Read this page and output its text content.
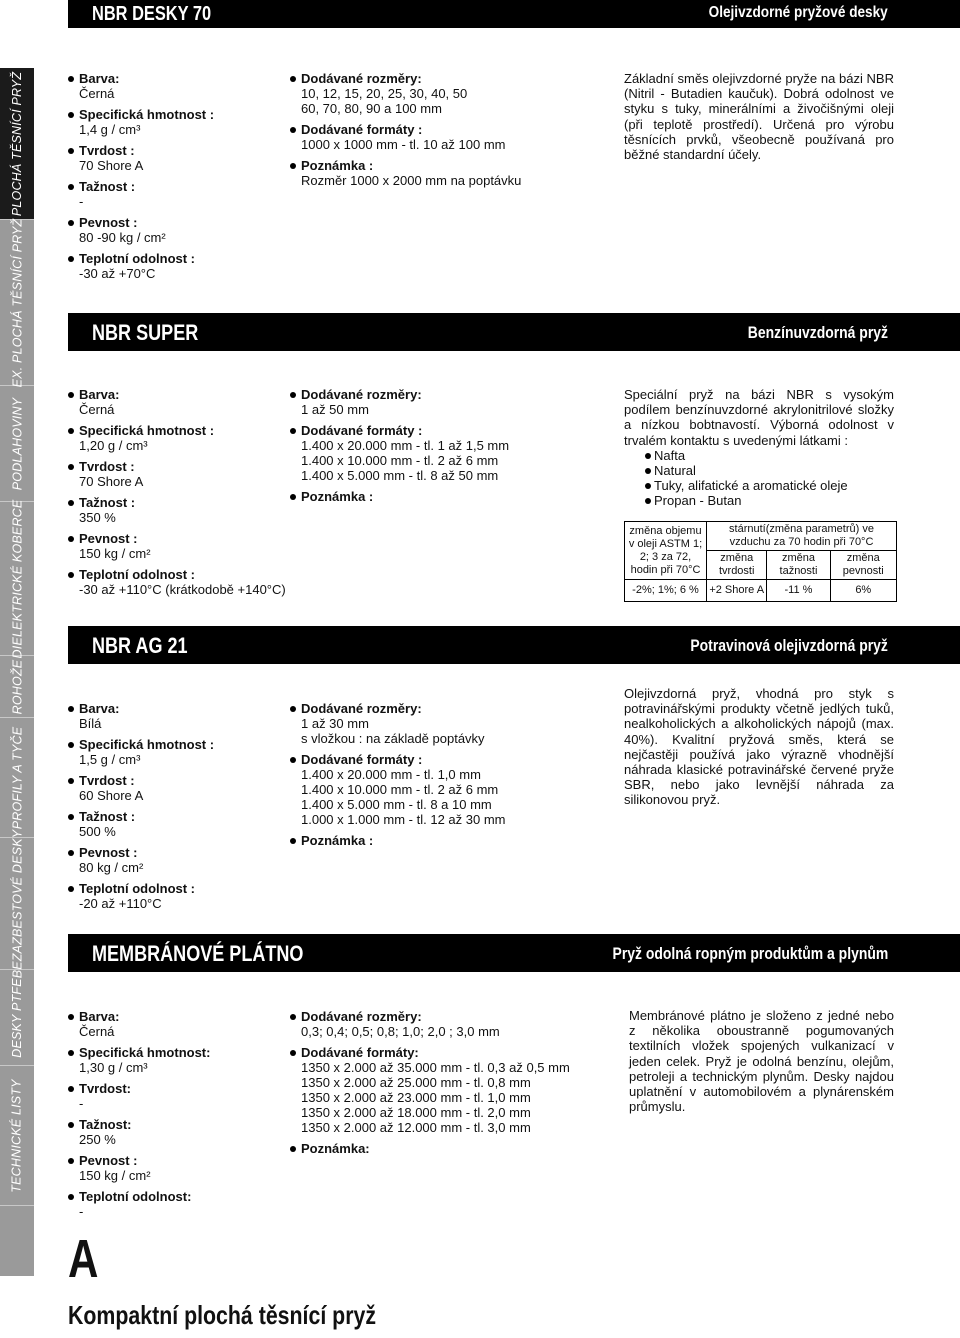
PLOCHÁ TĚSNÍCÍ PRYŽ
EX. PLOCHÁ TĚSNÍCÍ PRYŽ
PODLAHOVINY
DIELEKTRICKÉ KOBERCE
ROHOŽE
PROFILY A TYČE
BEZAZBESTOVÉ DESKY
DESKY PTFE
TECHNICKÉ LISTY
NBR DESKY 70	Olejivzdorné pryžové desky
Barva:
Černá
Specifická hmotnost :
1,4 g / cm³
Tvrdost :
70 Shore A
Tažnost :
-
Pevnost :
80 -90 kg / cm²
Teplotní odolnost :
-30 až +70°C
Dodávané rozměry:
10, 12, 15, 20, 25, 30, 40, 50
60, 70, 80, 90 a 100 mm
Dodávané formáty :
1000 x 1000 mm - tl. 10 až 100 mm
Poznámka :
Rozměr 1000 x 2000 mm na poptávku
Základní směs olejivzdorné pryže na bázi NBR (Nitril - Butadien kaučuk). Dobrá odolnost ve styku s tuky, minerálními a živočišnými oleji (při teplotě prostředí). Určená pro výrobu těsnících prvků, všeobecně používaná pro běžné standardní účely.
NBR SUPER	Benzínuvzdorná pryž
Barva:
Černá
Specifická hmotnost :
1,20 g / cm³
Tvrdost :
70 Shore A
Tažnost :
350 %
Pevnost :
150 kg / cm²
Teplotní odolnost :
-30 až +110°C (krátkodobě +140°C)
Dodávané rozměry:
1 až 50 mm
Dodávané formáty :
1.400 x 20.000 mm - tl. 1 až 1,5 mm
1.400 x 10.000 mm - tl. 2 až 6 mm
1.400 x 5.000 mm - tl. 8 až 50 mm
Poznámka :
Speciální pryž na bázi NBR s vysokým podílem benzínuvzdorné akrylonitrilové složky a nízkou bobtnavostí. Výborná odolnost v trvalém kontaktu s uvedenými látkami :
Nafta
Natural
Tuky, alifatické a aromatické oleje
Propan - Butan
změna objemu v oleji ASTM 1; 2; 3 za 72, hodin při 70°C	stárnutí(změna parametrů) ve vzduchu za 70 hodin při 70°C		
	změna tvrdosti	změna tažnosti	změna pevnosti
-2%; 1%; 6 %	+2 Shore A	-11 %	6%
NBR AG 21	Potravinová olejivzdorná pryž
Barva:
Bílá
Specifická hmotnost :
1,5 g / cm³
Tvrdost :
60 Shore A
Tažnost :
500 %
Pevnost :
80 kg / cm²
Teplotní odolnost :
-20 až +110°C
Dodávané rozměry:
1 až 30 mm
s vložkou : na základě poptávky
Dodávané formáty :
1.400 x 20.000 mm - tl. 1,0 mm
1.400 x 10.000 mm - tl. 2 až 6 mm
1.400 x 5.000 mm - tl. 8 a 10 mm
1.000 x 1.000 mm - tl. 12 až 30 mm
Poznámka :
Olejivzdorná pryž, vhodná pro styk s potravinářskými produkty včetně jedlých tuků, nealkoholických a alkoholických nápojů (max. 40%). Kvalitní pryžová směs, která se nejčastěji používá jako výrazně vhodnější náhrada klasické potravinářské červené pryže SBR, nebo jako levnější náhrada za silikonovou pryž.
MEMBRÁNOVÉ PLÁTNO	Pryž odolná ropným produktům a plynům
Barva:
Černá
Specifická hmotnost:
1,30 g / cm³
Tvrdost:
-
Tažnost:
250 %
Pevnost :
150 kg / cm²
Teplotní odolnost:
-
Dodávané rozměry:
0,3; 0,4; 0,5; 0,8; 1,0; 2,0 ; 3,0 mm
Dodávané formáty:
1350 x 2.000 až 35.000 mm - tl. 0,3 až 0,5 mm
1350 x 2.000 až 25.000 mm - tl. 0,8 mm
1350 x 2.000 až 23.000 mm - tl. 1,0 mm
1350 x 2.000 až 18.000 mm - tl. 2,0 mm
1350 x 2.000 až 12.000 mm - tl. 3,0 mm
Poznámka:
Membránové plátno je složeno z jedné nebo z několika oboustranně pogumovaných textilních vložek spojených vulkanizací v jeden celek. Pryž je odolná benzínu, olejům, petroleji a technickým plynům. Desky najdou uplatnění v automobilovém a plynárenském průmyslu.
A
Kompaktní plochá těsnící pryž
